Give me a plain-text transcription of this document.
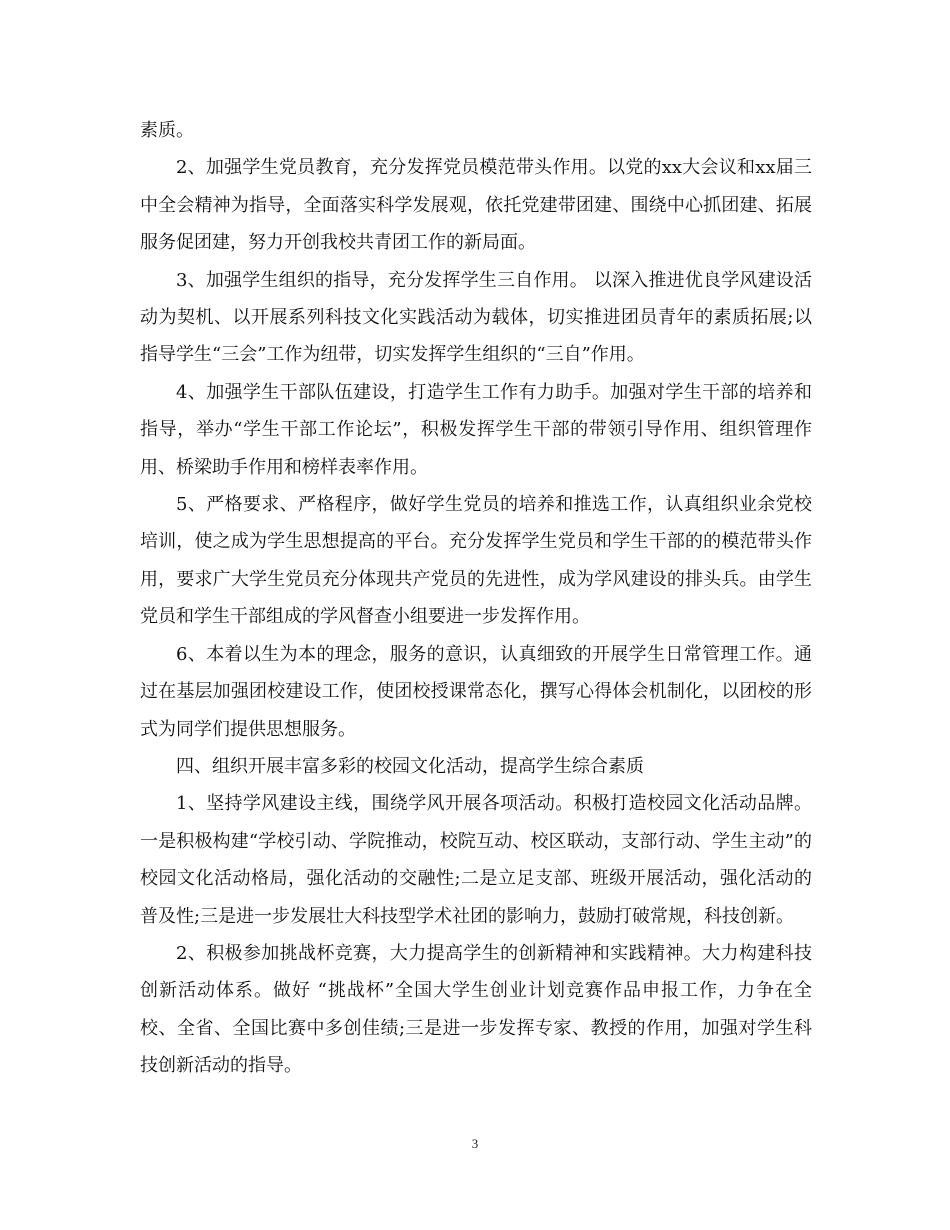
素质。

2、加强学生党员教育，充分发挥党员模范带头作用。以党的xx大会议和xx届三中全会精神为指导，全面落实科学发展观，依托党建带团建、围绕中心抓团建、拓展服务促团建，努力开创我校共青团工作的新局面。

3、加强学生组织的指导，充分发挥学生三自作用。 以深入推进优良学风建设活动为契机、以开展系列科技文化实践活动为载体，切实推进团员青年的素质拓展;以指导学生“三会”工作为纽带，切实发挥学生组织的“三自”作用。

4、加强学生干部队伍建设，打造学生工作有力助手。加强对学生干部的培养和指导，举办“学生干部工作论坛”，积极发挥学生干部的带领引导作用、组织管理作用、桥梁助手作用和榜样表率作用。

5、严格要求、严格程序，做好学生党员的培养和推选工作，认真组织业余党校培训，使之成为学生思想提高的平台。充分发挥学生党员和学生干部的的模范带头作用，要求广大学生党员充分体现共产党员的先进性，成为学风建设的排头兵。由学生党员和学生干部组成的学风督查小组要进一步发挥作用。

6、本着以生为本的理念，服务的意识，认真细致的开展学生日常管理工作。通过在基层加强团校建设工作，使团校授课常态化，撰写心得体会机制化，以团校的形式为同学们提供思想服务。

四、组织开展丰富多彩的校园文化活动，提高学生综合素质

1、坚持学风建设主线，围绕学风开展各项活动。积极打造校园文化活动品牌。一是积极构建“学校引动、学院推动，校院互动、校区联动，支部行动、学生主动”的校园文化活动格局，强化活动的交融性;二是立足支部、班级开展活动，强化活动的普及性;三是进一步发展壮大科技型学术社团的影响力，鼓励打破常规，科技创新。

2、积极参加挑战杯竞赛，大力提高学生的创新精神和实践精神。大力构建科技创新活动体系。做好 “挑战杯”全国大学生创业计划竞赛作品申报工作，力争在全校、全省、全国比赛中多创佳绩;三是进一步发挥专家、教授的作用，加强对学生科技创新活动的指导。

3
